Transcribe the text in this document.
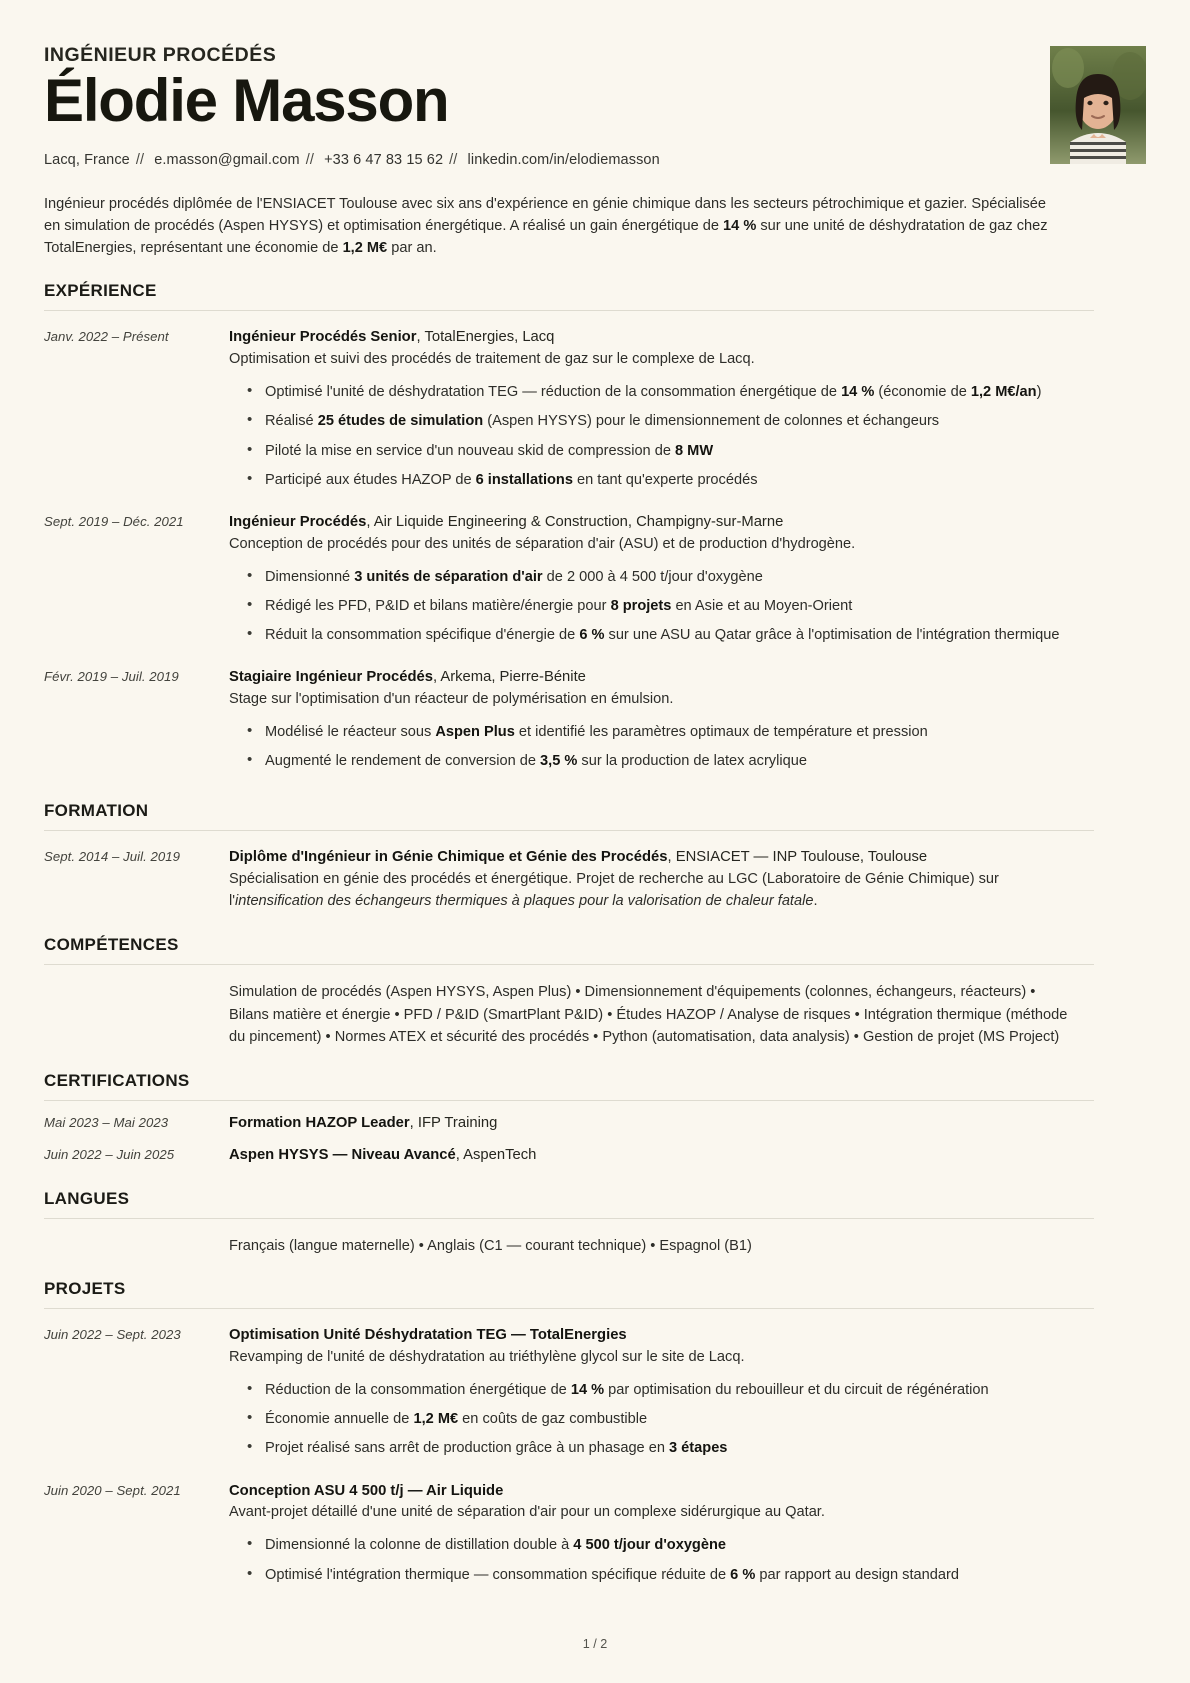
INGÉNIEUR PROCÉDÉS
Élodie Masson
Lacq, France // e.masson@gmail.com // +33 6 47 83 15 62 // linkedin.com/in/elodiemasson

Ingénieur procédés diplômée de l'ENSIACET Toulouse avec six ans d'expérience en génie chimique dans les secteurs pétrochimique et gazier. Spécialisée en simulation de procédés (Aspen HYSYS) et optimisation énergétique. A réalisé un gain énergétique de 14 % sur une unité de déshydratation de gaz chez TotalEnergies, représentant une économie de 1,2 M€ par an.

EXPÉRIENCE
Janv. 2022 – Présent	Ingénieur Procédés Senior, TotalEnergies, Lacq
Optimisation et suivi des procédés de traitement de gaz sur le complexe de Lacq.
• Optimisé l'unité de déshydratation TEG — réduction de la consommation énergétique de 14 % (économie de 1,2 M€/an)
• Réalisé 25 études de simulation (Aspen HYSYS) pour le dimensionnement de colonnes et échangeurs
• Piloté la mise en service d'un nouveau skid de compression de 8 MW
• Participé aux études HAZOP de 6 installations en tant qu'experte procédés
Sept. 2019 – Déc. 2021	Ingénieur Procédés, Air Liquide Engineering & Construction, Champigny-sur-Marne
Conception de procédés pour des unités de séparation d'air (ASU) et de production d'hydrogène.
• Dimensionné 3 unités de séparation d'air de 2 000 à 4 500 t/jour d'oxygène
• Rédigé les PFD, P&ID et bilans matière/énergie pour 8 projets en Asie et au Moyen-Orient
• Réduit la consommation spécifique d'énergie de 6 % sur une ASU au Qatar grâce à l'optimisation de l'intégration thermique
Févr. 2019 – Juil. 2019	Stagiaire Ingénieur Procédés, Arkema, Pierre-Bénite
Stage sur l'optimisation d'un réacteur de polymérisation en émulsion.
• Modélisé le réacteur sous Aspen Plus et identifié les paramètres optimaux de température et pression
• Augmenté le rendement de conversion de 3,5 % sur la production de latex acrylique
FORMATION
Sept. 2014 – Juil. 2019	Diplôme d'Ingénieur in Génie Chimique et Génie des Procédés, ENSIACET — INP Toulouse, Toulouse
Spécialisation en génie des procédés et énergétique. Projet de recherche au LGC (Laboratoire de Génie Chimique) sur l'intensification des échangeurs thermiques à plaques pour la valorisation de chaleur fatale.
COMPÉTENCES
Simulation de procédés (Aspen HYSYS, Aspen Plus) • Dimensionnement d'équipements (colonnes, échangeurs, réacteurs) • Bilans matière et énergie • PFD / P&ID (SmartPlant P&ID) • Études HAZOP / Analyse de risques • Intégration thermique (méthode du pincement) • Normes ATEX et sécurité des procédés • Python (automatisation, data analysis) • Gestion de projet (MS Project)
CERTIFICATIONS
Mai 2023 – Mai 2023	Formation HAZOP Leader, IFP Training
Juin 2022 – Juin 2025	Aspen HYSYS — Niveau Avancé, AspenTech
LANGUES
Français (langue maternelle) • Anglais (C1 — courant technique) • Espagnol (B1)
PROJETS
Juin 2022 – Sept. 2023	Optimisation Unité Déshydratation TEG — TotalEnergies
Revamping de l'unité de déshydratation au triéthylène glycol sur le site de Lacq.
• Réduction de la consommation énergétique de 14 % par optimisation du rebouilleur et du circuit de régénération
• Économie annuelle de 1,2 M€ en coûts de gaz combustible
• Projet réalisé sans arrêt de production grâce à un phasage en 3 étapes
Juin 2020 – Sept. 2021	Conception ASU 4 500 t/j — Air Liquide
Avant-projet détaillé d'une unité de séparation d'air pour un complexe sidérurgique au Qatar.
• Dimensionné la colonne de distillation double à 4 500 t/jour d'oxygène
• Optimisé l'intégration thermique — consommation spécifique réduite de 6 % par rapport au design standard
1 / 2
